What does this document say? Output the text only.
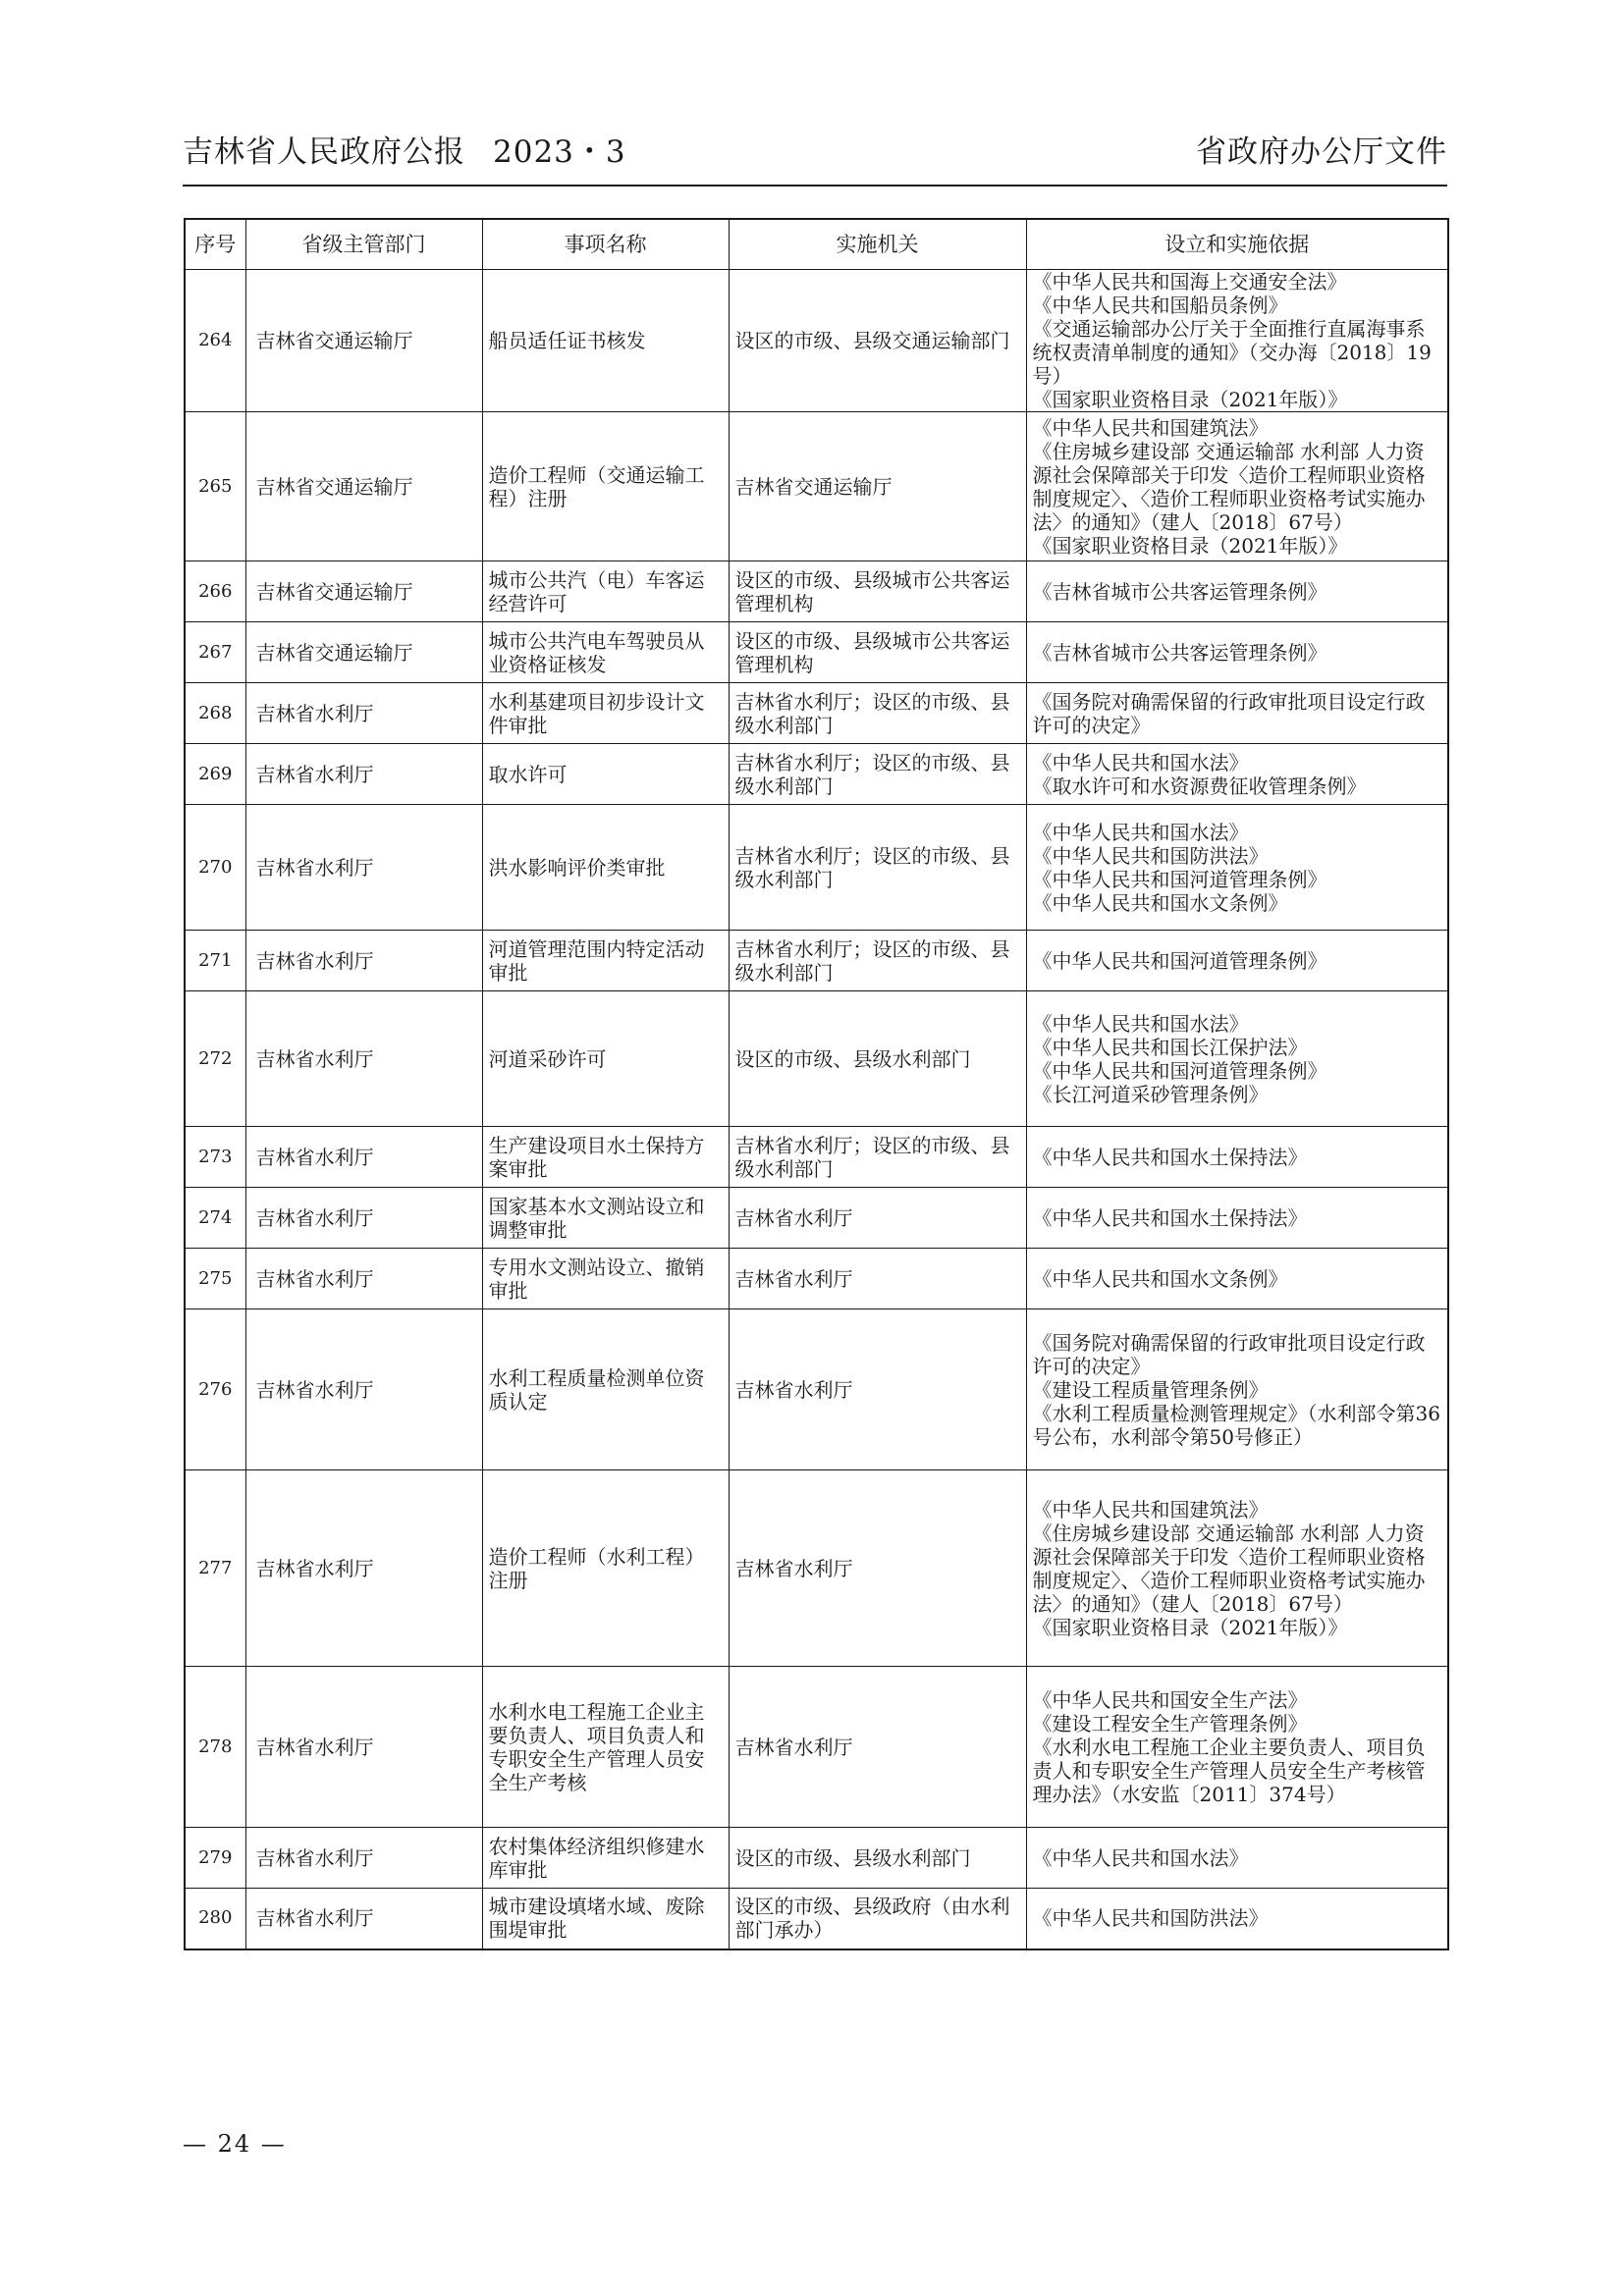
吉林省人民政府公报 2023・3	省政府办公厅文件
序号	省级主管部门	事项名称	实施机关	设立和实施依据
264	吉林省交通运输厅	船员适任证书核发	设区的市级、县级交通运输部门	《中华人民共和国海上交通安全法》
《中华人民共和国船员条例》
《交通运输部办公厅关于全面推行直属海事系统权责清单制度的通知》（交办海〔2018〕19号）
《国家职业资格目录（2021年版）》
265	吉林省交通运输厅	造价工程师（交通运输工程）注册	吉林省交通运输厅	《中华人民共和国建筑法》
《住房城乡建设部 交通运输部 水利部 人力资源社会保障部关于印发〈造价工程师职业资格制度规定〉、〈造价工程师职业资格考试实施办法〉的通知》（建人〔2018〕67号）
《国家职业资格目录（2021年版）》
266	吉林省交通运输厅	城市公共汽（电）车客运经营许可	设区的市级、县级城市公共客运管理机构	《吉林省城市公共客运管理条例》
267	吉林省交通运输厅	城市公共汽电车驾驶员从业资格证核发	设区的市级、县级城市公共客运管理机构	《吉林省城市公共客运管理条例》
268	吉林省水利厅	水利基建项目初步设计文件审批	吉林省水利厅；设区的市级、县级水利部门	《国务院对确需保留的行政审批项目设定行政许可的决定》
269	吉林省水利厅	取水许可	吉林省水利厅；设区的市级、县级水利部门	《中华人民共和国水法》
《取水许可和水资源费征收管理条例》
270	吉林省水利厅	洪水影响评价类审批	吉林省水利厅；设区的市级、县级水利部门	《中华人民共和国水法》
《中华人民共和国防洪法》
《中华人民共和国河道管理条例》
《中华人民共和国水文条例》
271	吉林省水利厅	河道管理范围内特定活动审批	吉林省水利厅；设区的市级、县级水利部门	《中华人民共和国河道管理条例》
272	吉林省水利厅	河道采砂许可	设区的市级、县级水利部门	《中华人民共和国水法》
《中华人民共和国长江保护法》
《中华人民共和国河道管理条例》
《长江河道采砂管理条例》
273	吉林省水利厅	生产建设项目水土保持方案审批	吉林省水利厅；设区的市级、县级水利部门	《中华人民共和国水土保持法》
274	吉林省水利厅	国家基本水文测站设立和调整审批	吉林省水利厅	《中华人民共和国水土保持法》
275	吉林省水利厅	专用水文测站设立、撤销审批	吉林省水利厅	《中华人民共和国水文条例》
276	吉林省水利厅	水利工程质量检测单位资质认定	吉林省水利厅	《国务院对确需保留的行政审批项目设定行政许可的决定》
《建设工程质量管理条例》
《水利工程质量检测管理规定》（水利部令第36号公布，水利部令第50号修正）
277	吉林省水利厅	造价工程师（水利工程）注册	吉林省水利厅	《中华人民共和国建筑法》
《住房城乡建设部 交通运输部 水利部 人力资源社会保障部关于印发〈造价工程师职业资格制度规定〉、〈造价工程师职业资格考试实施办法〉的通知》（建人〔2018〕67号）
《国家职业资格目录（2021年版）》
278	吉林省水利厅	水利水电工程施工企业主要负责人、项目负责人和专职安全生产管理人员安全生产考核	吉林省水利厅	《中华人民共和国安全生产法》
《建设工程安全生产管理条例》
《水利水电工程施工企业主要负责人、项目负责人和专职安全生产管理人员安全生产考核管理办法》（水安监〔2011〕374号）
279	吉林省水利厅	农村集体经济组织修建水库审批	设区的市级、县级水利部门	《中华人民共和国水法》
280	吉林省水利厅	城市建设填堵水域、废除围堤审批	设区的市级、县级政府（由水利部门承办）	《中华人民共和国防洪法》
— 24 —
